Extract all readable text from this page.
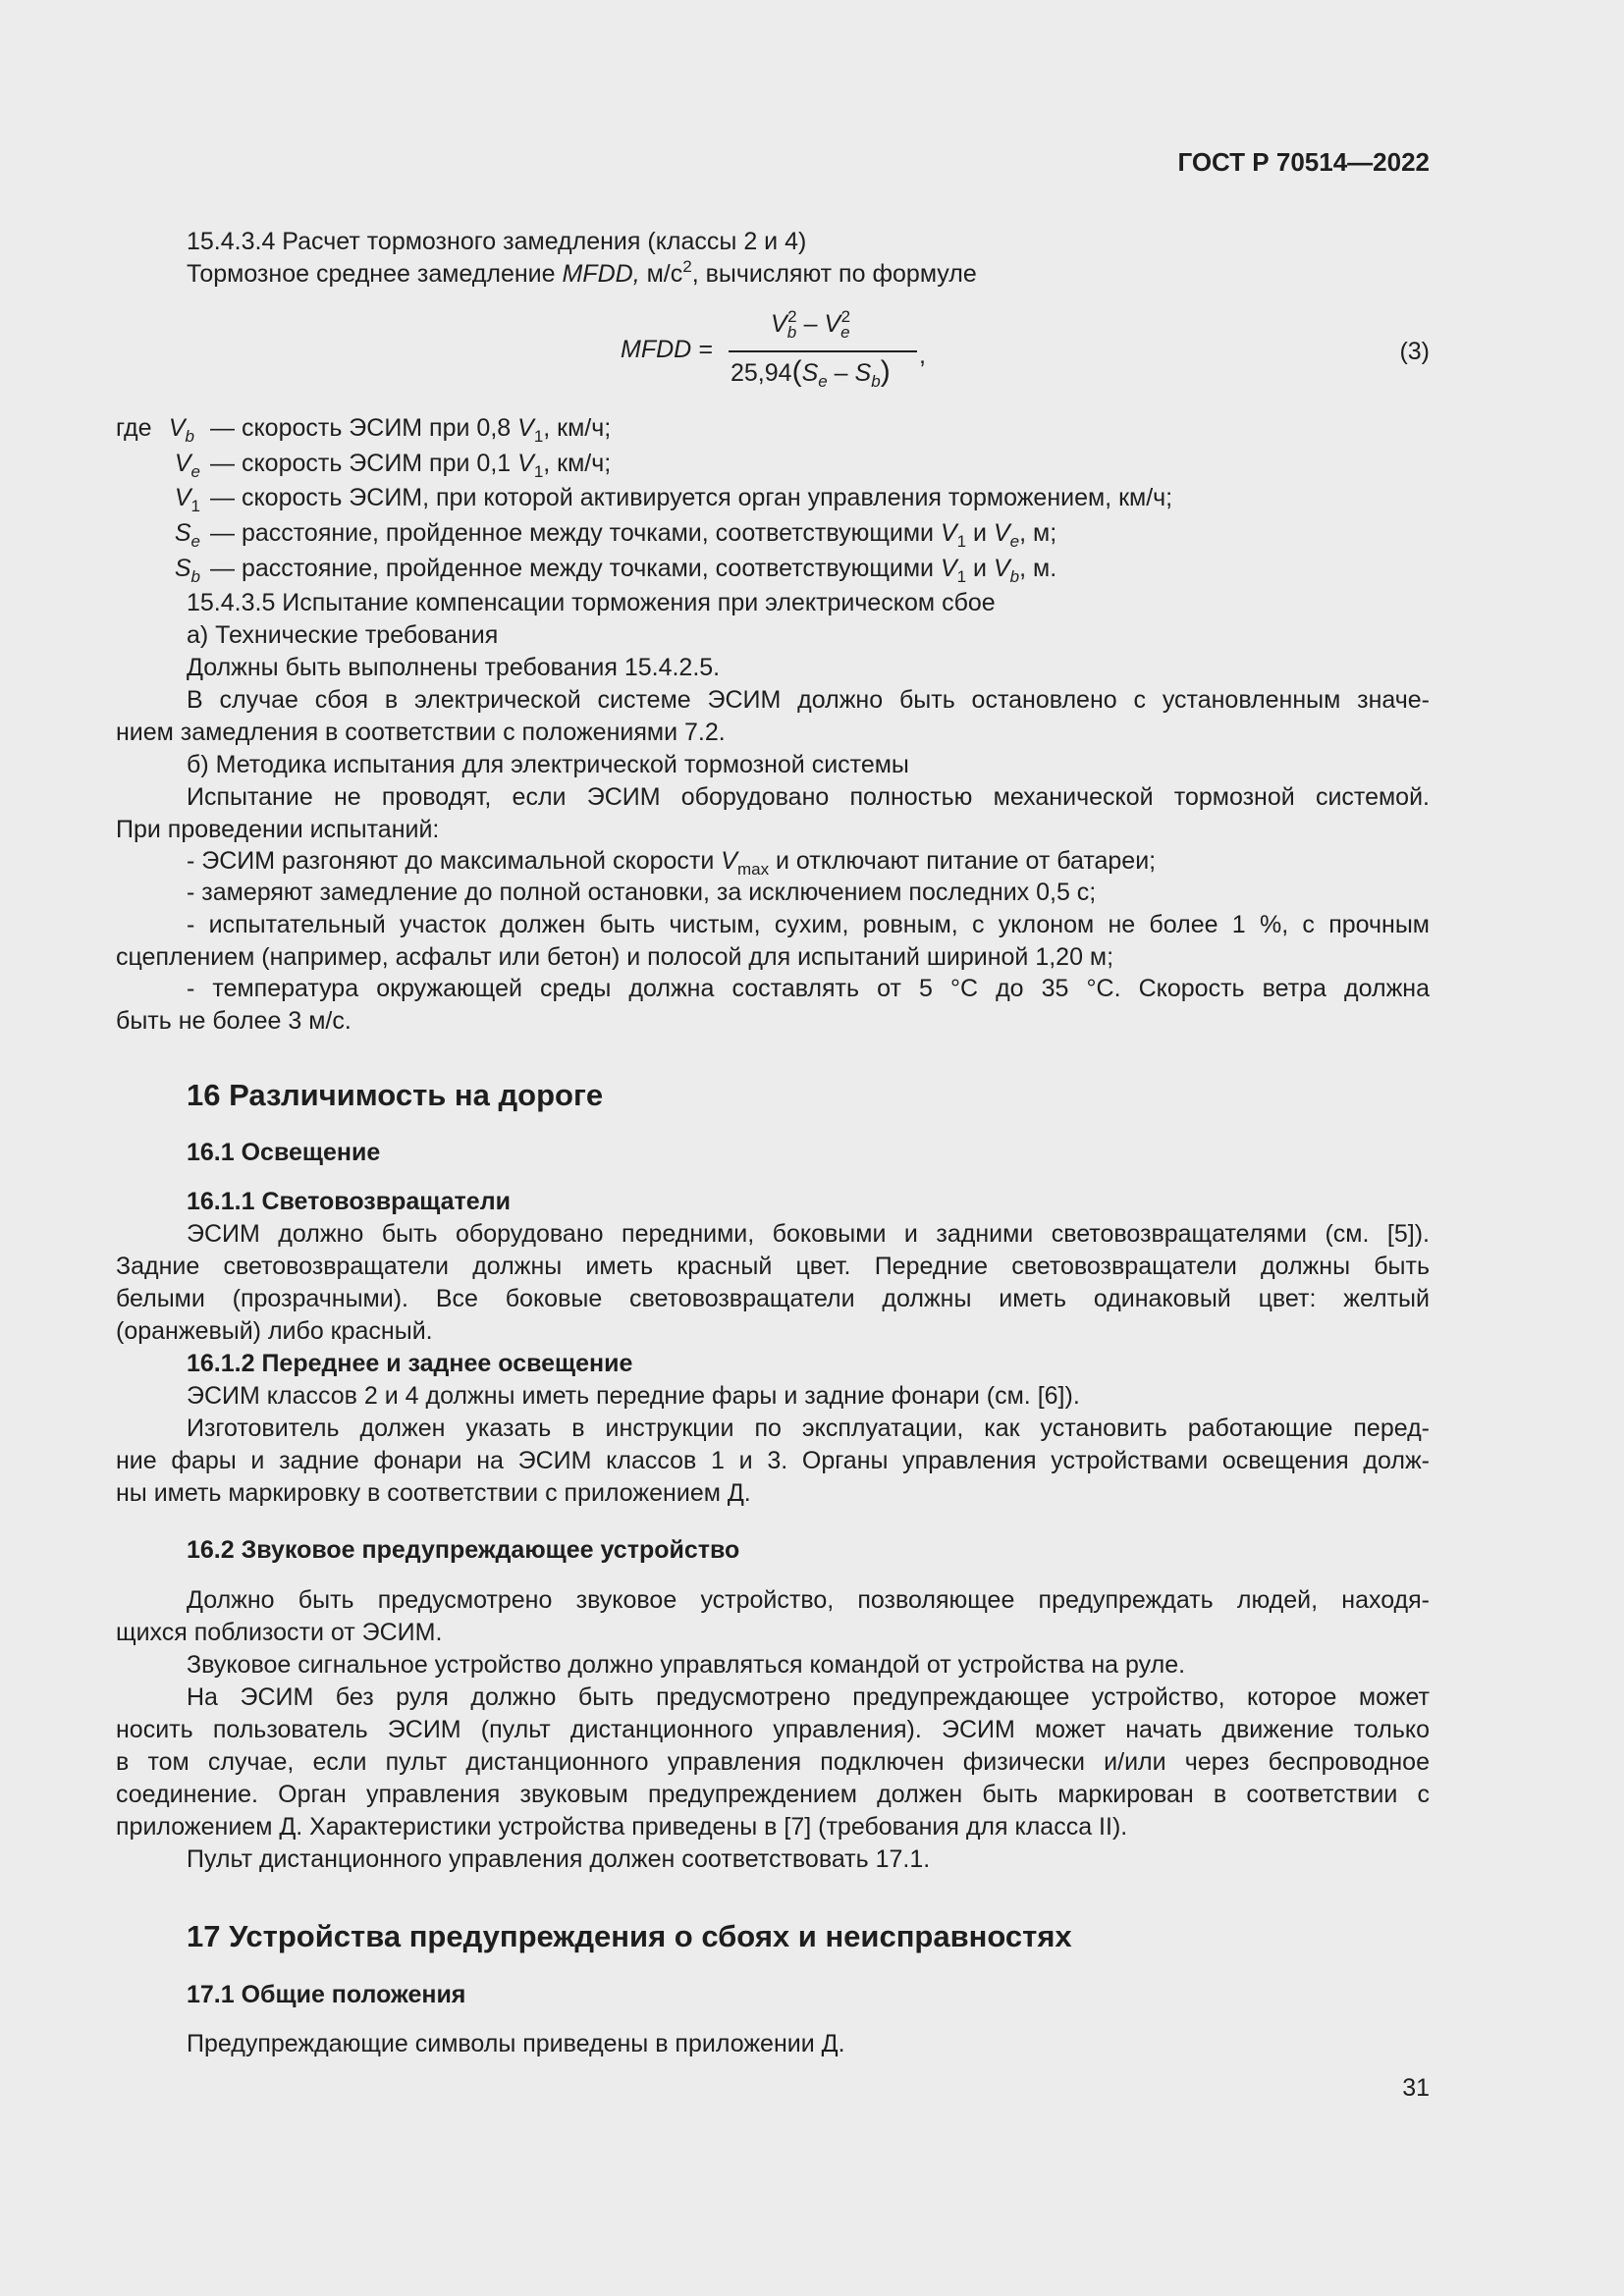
ГОСТ Р 70514—2022
15.4.3.4 Расчет тормозного замедления (классы 2 и 4)
Тормозное среднее замедление MFDD, $м/с^2$, вычисляют по формуле
MFDD =
$V_b^2 - V_e^2$
$25,94(S_e - S_b)$ ,	(3)
где $V_b$ — скорость ЭСИМ при 0,8 $V_1$, км/ч;
$V_e$ — скорость ЭСИМ при 0,1 $V_1$, км/ч;
$V_1$ — скорость ЭСИМ, при которой активируется орган управления торможением, км/ч;
$S_e$ — расстояние, пройденное между точками, соответствующими $V_1$ и $V_e$, м;
$S_b$ — расстояние, пройденное между точками, соответствующими $V_1$ и $V_b$, м.
15.4.3.5 Испытание компенсации торможения при электрическом сбое
а) Технические требования
Должны быть выполнены требования 15.4.2.5.
В случае сбоя в электрической системе ЭСИМ должно быть остановлено с установленным значе-
нием замедления в соответствии с положениями 7.2.
б) Методика испытания для электрической тормозной системы
Испытание не проводят, если ЭСИМ оборудовано полностью механической тормозной системой.
При проведении испытаний:
- ЭСИМ разгоняют до максимальной скорости $V_{max}$ и отключают питание от батареи;
- замеряют замедление до полной остановки, за исключением последних 0,5 с;
- испытательный участок должен быть чистым, сухим, ровным, с уклоном не более 1 %, с прочным
сцеплением (например, асфальт или бетон) и полосой для испытаний шириной 1,20 м;
- температура окружающей среды должна составлять от 5 °С до 35 °С. Скорость ветра должна
быть не более 3 м/с.
16 Различимость на дороге
16.1 Освещение
16.1.1 Световозвращатели
ЭСИМ должно быть оборудовано передними, боковыми и задними световозвращателями (см. [5]).
Задние световозвращатели должны иметь красный цвет. Передние световозвращатели должны быть
белыми (прозрачными). Все боковые световозвращатели должны иметь одинаковый цвет: желтый
(оранжевый) либо красный.
16.1.2 Переднее и заднее освещение
ЭСИМ классов 2 и 4 должны иметь передние фары и задние фонари (см. [6]).
Изготовитель должен указать в инструкции по эксплуатации, как установить работающие перед-
ние фары и задние фонари на ЭСИМ классов 1 и 3. Органы управления устройствами освещения долж-
ны иметь маркировку в соответствии с приложением Д.
16.2 Звуковое предупреждающее устройство
Должно быть предусмотрено звуковое устройство, позволяющее предупреждать людей, находя-
щихся поблизости от ЭСИМ.
Звуковое сигнальное устройство должно управляться командой от устройства на руле.
На ЭСИМ без руля должно быть предусмотрено предупреждающее устройство, которое может
носить пользователь ЭСИМ (пульт дистанционного управления). ЭСИМ может начать движение только
в том случае, если пульт дистанционного управления подключен физически и/или через беспроводное
соединение. Орган управления звуковым предупреждением должен быть маркирован в соответствии с
приложением Д. Характеристики устройства приведены в [7] (требования для класса II).
Пульт дистанционного управления должен соответствовать 17.1.
17 Устройства предупреждения о сбоях и неисправностях
17.1 Общие положения
Предупреждающие символы приведены в приложении Д.
31
